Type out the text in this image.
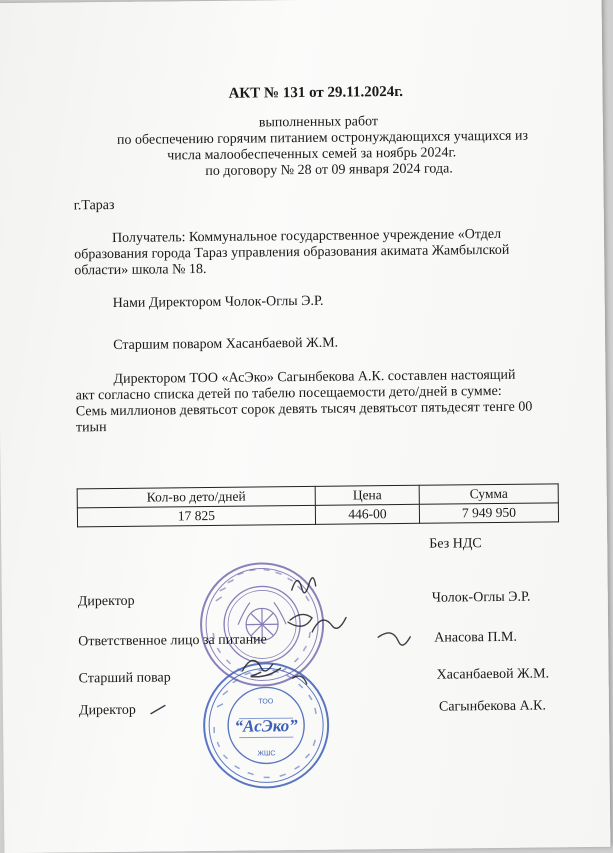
АКТ № 131 от 29.11.2024г.
выполненных работ
по обеспечению горячим питанием остронуждающихся учащихся из
числа малообеспеченных семей за ноябрь 2024г.
по договору № 28 от 09 января 2024 года.
г.Тараз
Получатель: Коммунальное государственное учреждение «Отдел
образования города Тараз управления образования акимата Жамбылской
области» школа № 18.
Нами Директором Чолок-Оглы Э.Р.
Старшим поваром Хасанбаевой Ж.М.
Директором ТОО «АсЭко» Сагынбекова А.К. составлен настоящий
акт согласно списка детей по табелю посещаемости дето/дней в сумме:
Семь миллионов девятьсот сорок девять тысяч девятьсот пятьдесят тенге 00
тиын
Кол-во дето/дней	Цена	Сумма
17 825	446-00	7 949 950
Без НДС
ТОО
“АсЭко”
ЖШС
Директор	Чолок-Оглы Э.Р.
Ответственное лицо за питание	Анасова П.М.
Старший повар	Хасанбаевой Ж.М.
Директор	Сагынбекова А.К.
